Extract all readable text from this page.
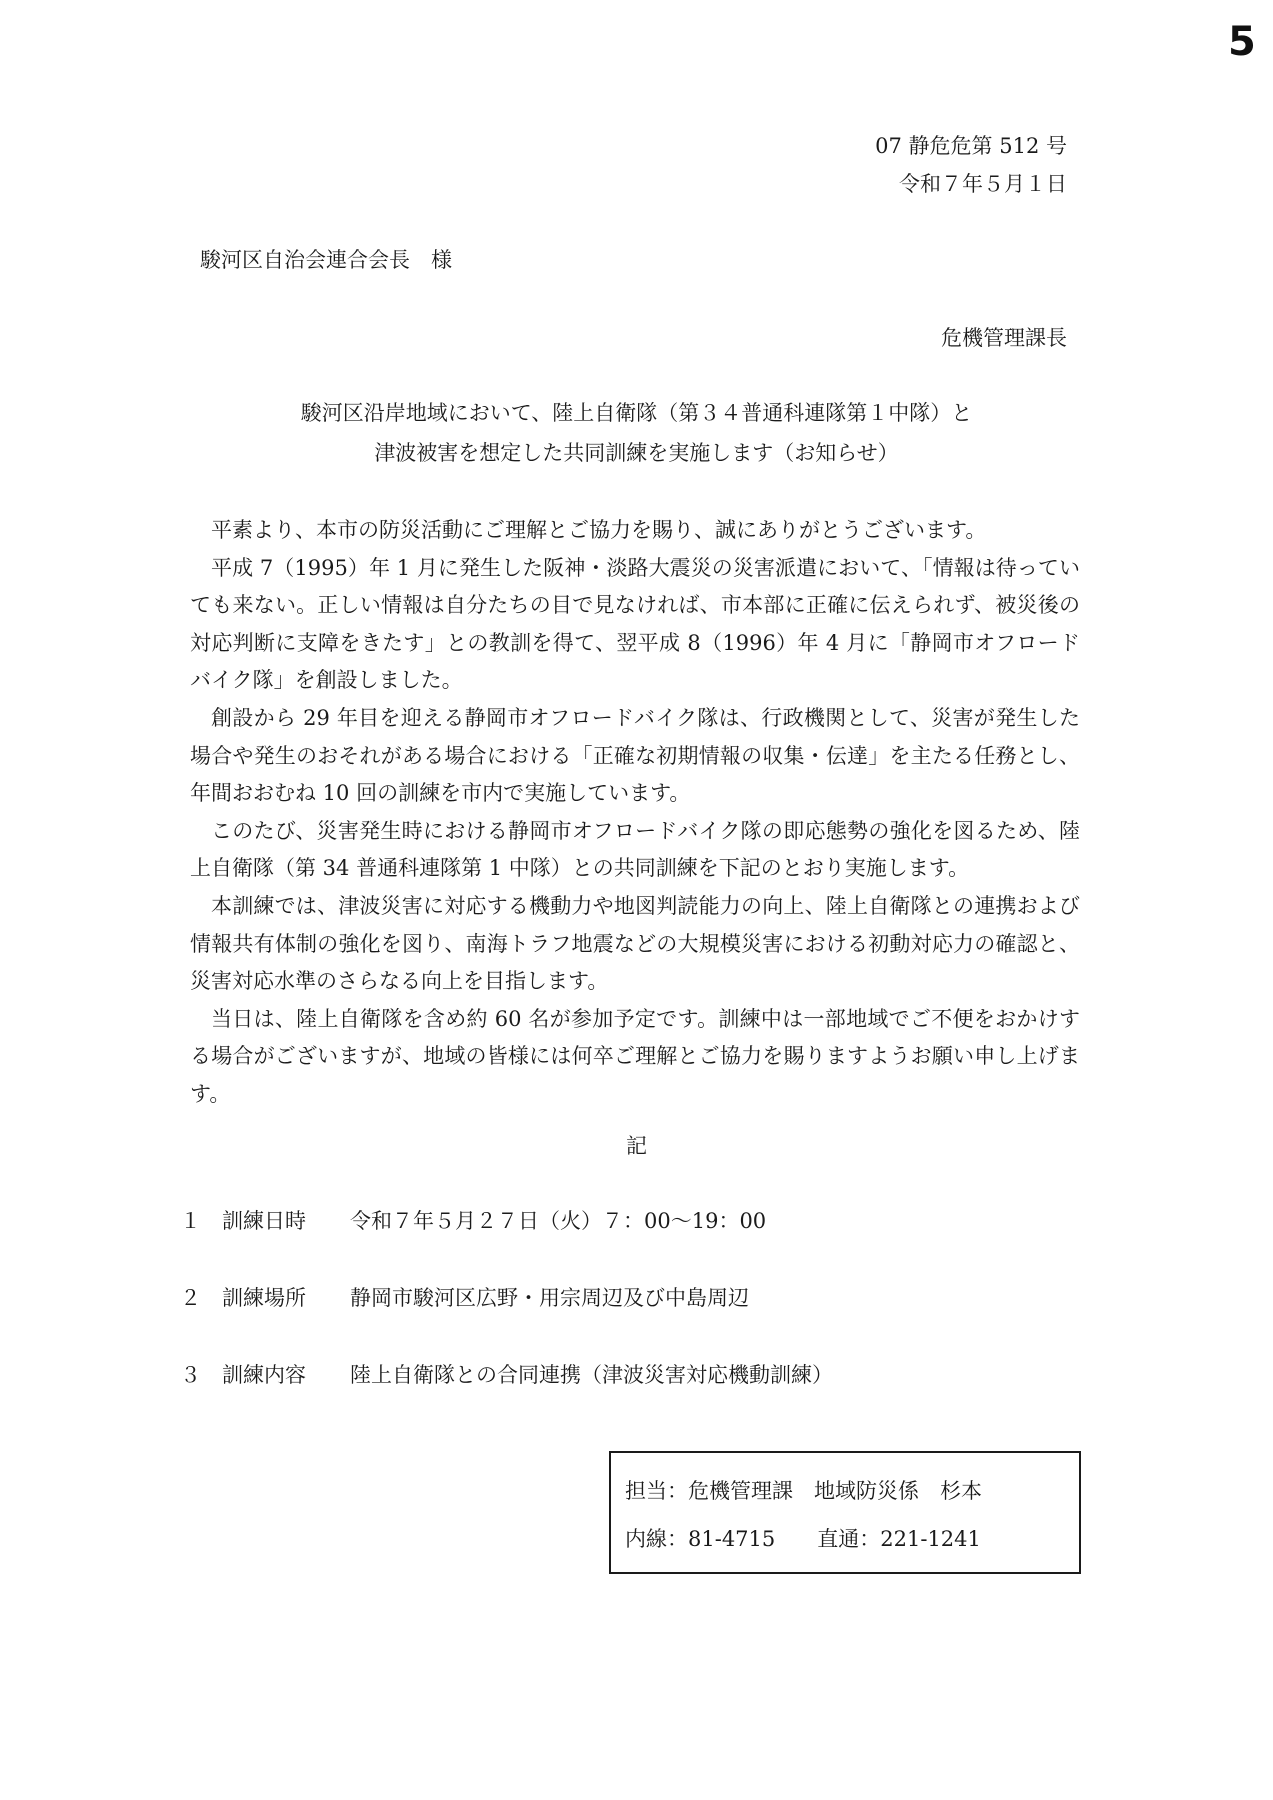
5
07 静危危第 512 号
令和７年５月１日
駿河区自治会連合会長　様
危機管理課長
駿河区沿岸地域において、陸上自衛隊（第３４普通科連隊第１中隊）と
津波被害を想定した共同訓練を実施します（お知らせ）

平素より、本市の防災活動にご理解とご協力を賜り、誠にありがとうございます。

平成 7（1995）年 1 月に発生した阪神・淡路大震災の災害派遣において、「情報は待っていても来ない。正しい情報は自分たちの目で見なければ、市本部に正確に伝えられず、被災後の対応判断に支障をきたす」との教訓を得て、翌平成 8（1996）年 4 月に「静岡市オフロードバイク隊」を創設しました。

創設から 29 年目を迎える静岡市オフロードバイク隊は、行政機関として、災害が発生した場合や発生のおそれがある場合における「正確な初期情報の収集・伝達」を主たる任務とし、年間おおむね 10 回の訓練を市内で実施しています。

このたび、災害発生時における静岡市オフロードバイク隊の即応態勢の強化を図るため、陸上自衛隊（第 34 普通科連隊第 1 中隊）との共同訓練を下記のとおり実施します。

本訓練では、津波災害に対応する機動力や地図判読能力の向上、陸上自衛隊との連携および情報共有体制の強化を図り、南海トラフ地震などの大規模災害における初動対応力の確認と、災害対応水準のさらなる向上を目指します。

当日は、陸上自衛隊を含め約 60 名が参加予定です。訓練中は一部地域でご不便をおかけする場合がございますが、地域の皆様には何卒ご理解とご協力を賜りますようお願い申し上げます。

記
１ 訓練日時 令和７年５月２７日（火）７：00～19：00
２ 訓練場所 静岡市駿河区広野・用宗周辺及び中島周辺
３ 訓練内容 陸上自衛隊との合同連携（津波災害対応機動訓練）
担当：危機管理課　地域防災係　杉本
内線：81-4715　　直通：221-1241
